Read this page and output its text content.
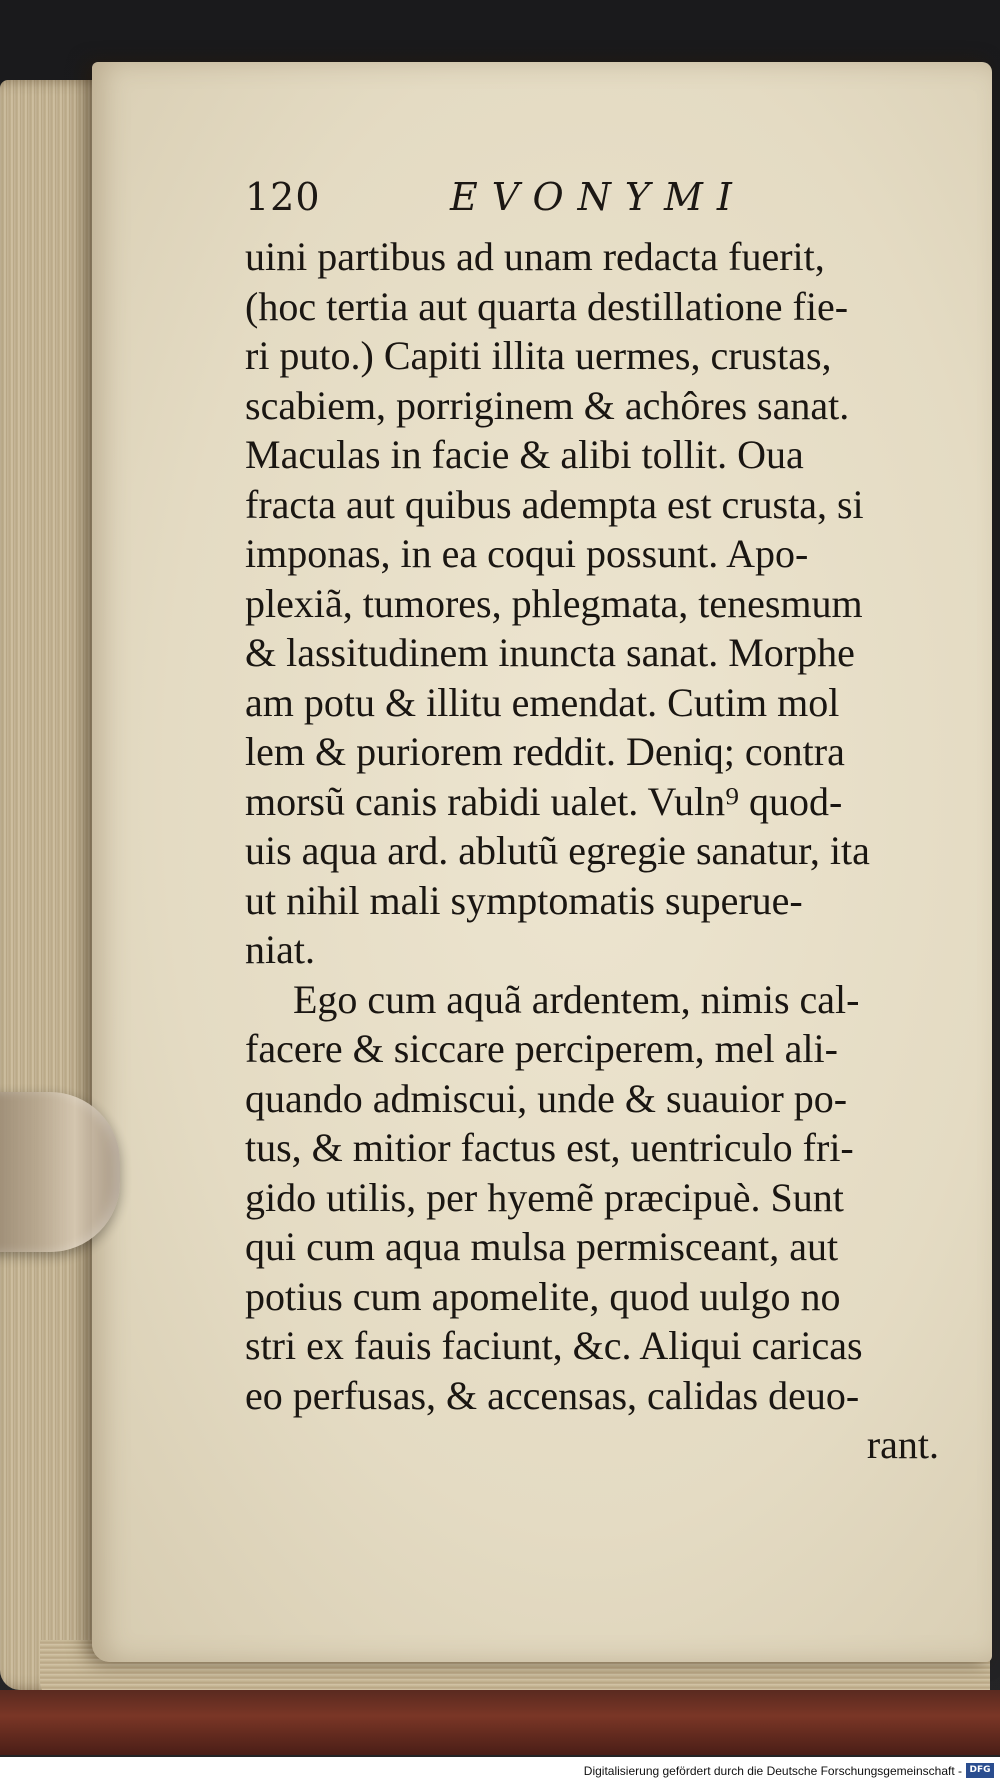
120	EVONYMI
uini partibus ad unam redacta fuerit,
(hoc tertia aut quarta destillatione fie-
ri puto.) Capiti illita uermes, crustas,
scabiem, porriginem & achôres sanat.
Maculas in facie & alibi tollit. Oua
fracta aut quibus adempta est crusta, si
imponas, in ea coqui possunt. Apo-
plexiã, tumores, phlegmata, tenesmum
& lassitudinem inuncta sanat. Morphe
am potu & illitu emendat. Cutim mol
lem & puriorem reddit. Deniq; contra
morsũ canis rabidi ualet. Vuln⁹ quod-
uis aqua ard. ablutũ egregie sanatur, ita
ut nihil mali symptomatis superue-
niat.
Ego cum aquã ardentem, nimis cal-
facere & siccare perciperem, mel ali-
quando admiscui, unde & suauior po-
tus, & mitior factus est, uentriculo fri-
gido utilis, per hyemẽ præcipuè. Sunt
qui cum aqua mulsa permisceant, aut
potius cum apomelite, quod uulgo no
stri ex fauis faciunt, &c. Aliqui caricas
eo perfusas, & accensas, calidas deuo-
rant.
Digitalisierung gefördert durch die Deutsche Forschungsgemeinschaft - DFG
